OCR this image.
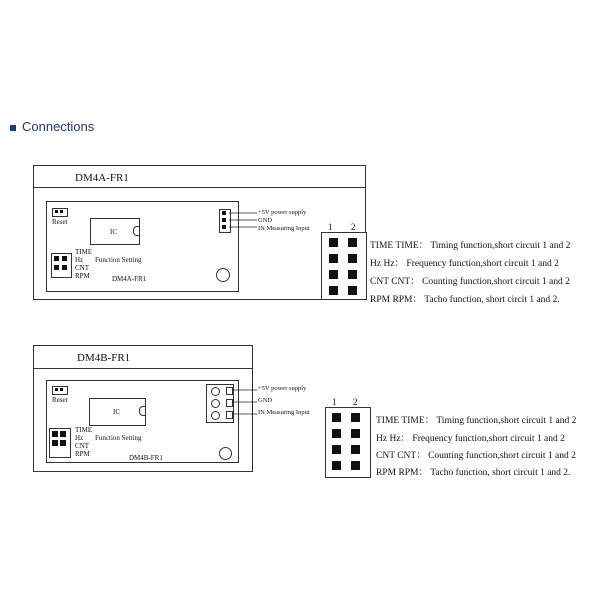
Connections
DM4A-FR1
Reset
IC
TIME
Hz
CNT
RPM
Function Setting
DM4A-FR1
+5V power supply
GND
IN Measuring Input 1 2
TIME TIME： Timing function,short circuit 1 and 2
Hz Hz： Frequency function,short circuit 1 and 2
CNT CNT： Counting function,short circuit 1 and 2
RPM RPM： Tacho function, short circit 1 and 2.
DM4B-FR1
Reset
IC
TIME
Hz
CNT
RPM
Function Setting
DM4B-FR1
+5V power supply
GND
IN Measuring Input
1 2
TIME TIME： Timing function,short circuit 1 and 2
Hz Hz： Frequency function,short circuit 1 and 2
CNT CNT： Counting function,short circuit 1 and 2
RPM RPM： Tacho function, short circuit 1 and 2.
